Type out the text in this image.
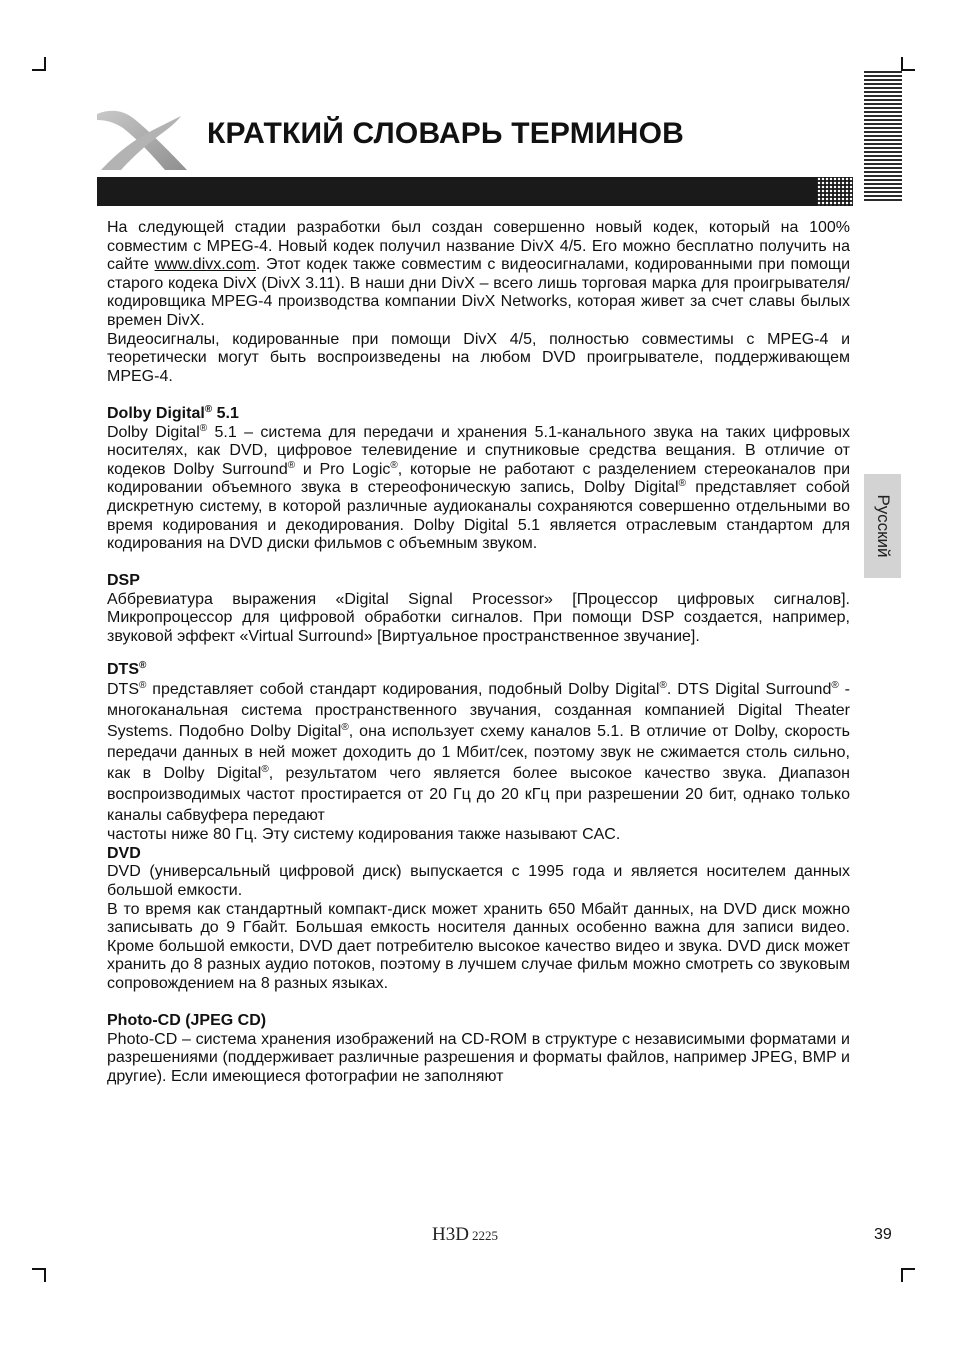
КРАТКИЙ СЛОВАРЬ ТЕРМИНОВ
Русский

На следующей стадии разработки был создан совершенно новый кодек, который на 100% совместим с MPEG-4. Новый кодек получил название DivX 4/5. Его можно бесплатно получить на сайте www.divx.com. Этот кодек также совместим с видеосигналами, кодированными при помощи старого кодека DivX (DivX 3.11). В наши дни DivX – всего лишь торговая марка для проигрывателя/кодировщика MPEG-4 производства компании DivX Networks, которая живет за счет славы былых времен DivX.

Видеосигналы, кодированные при помощи DivX 4/5, полностью совместимы с MPEG-4 и теоретически могут быть воспроизведены на любом DVD проигрывателе, поддерживающем MPEG-4.

Dolby Digital® 5.1

Dolby Digital® 5.1 – система для передачи и хранения 5.1-канального звука на таких цифровых носителях, как DVD, цифровое телевидение и спутниковые средства вещания. В отличие от кодеков Dolby Surround® и Pro Logic®, которые не работают с разделением стереоканалов при кодировании объемного звука в стереофоническую запись, Dolby Digital® представляет собой дискретную систему, в которой различные аудиоканалы сохраняются совершенно отдельными во время кодирования и декодирования. Dolby Digital 5.1 является отраслевым стандартом для кодирования на DVD диски фильмов с объемным звуком.

DSP

Аббревиатура выражения «Digital Signal Processor» [Процессор цифровых сигналов]. Микропроцессор для цифровой обработки сигналов. При помощи DSP создается, например, звуковой эффект «Virtual Surround» [Виртуальное пространственное звучание].

DTS®

DTS® представляет собой стандарт кодирования, подобный Dolby Digital®. DTS Digital Surround® - многоканальная система пространственного звучания, созданная компанией Digital Theater Systems. Подобно Dolby Digital®, она использует схему каналов 5.1. В отличие от Dolby, скорость передачи данных в ней может доходить до 1 Мбит/сек, поэтому звук не сжимается столь сильно, как в Dolby Digital®, результатом чего является более высокое качество звука. Диапазон воспроизводимых частот простирается от 20 Гц до 20 кГц при разрешении 20 бит, однако только каналы сабвуфера передают

частоты ниже 80 Гц. Эту систему кодирования также называют CAC.

DVD

DVD (универсальный цифровой диск) выпускается с 1995 года и является носителем данных большой емкости.

В то время как стандартный компакт-диск может хранить 650 Мбайт данных, на DVD диск можно записывать до 9 Гбайт. Большая емкость носителя данных особенно важна для записи видео. Кроме большой емкости, DVD дает потребителю высокое качество видео и звука. DVD диск может хранить до 8 разных аудио потоков, поэтому в лучшем случае фильм можно смотреть со звуковым сопровождением на 8 разных языках.

Photo-CD (JPEG CD)

Photo-CD – система хранения изображений на CD-ROM в структуре с независимыми форматами и разрешениями (поддерживает различные разрешения и форматы файлов, например JPEG, BMP и другие). Если имеющиеся фотографии не заполняют

H3D 2225	39
